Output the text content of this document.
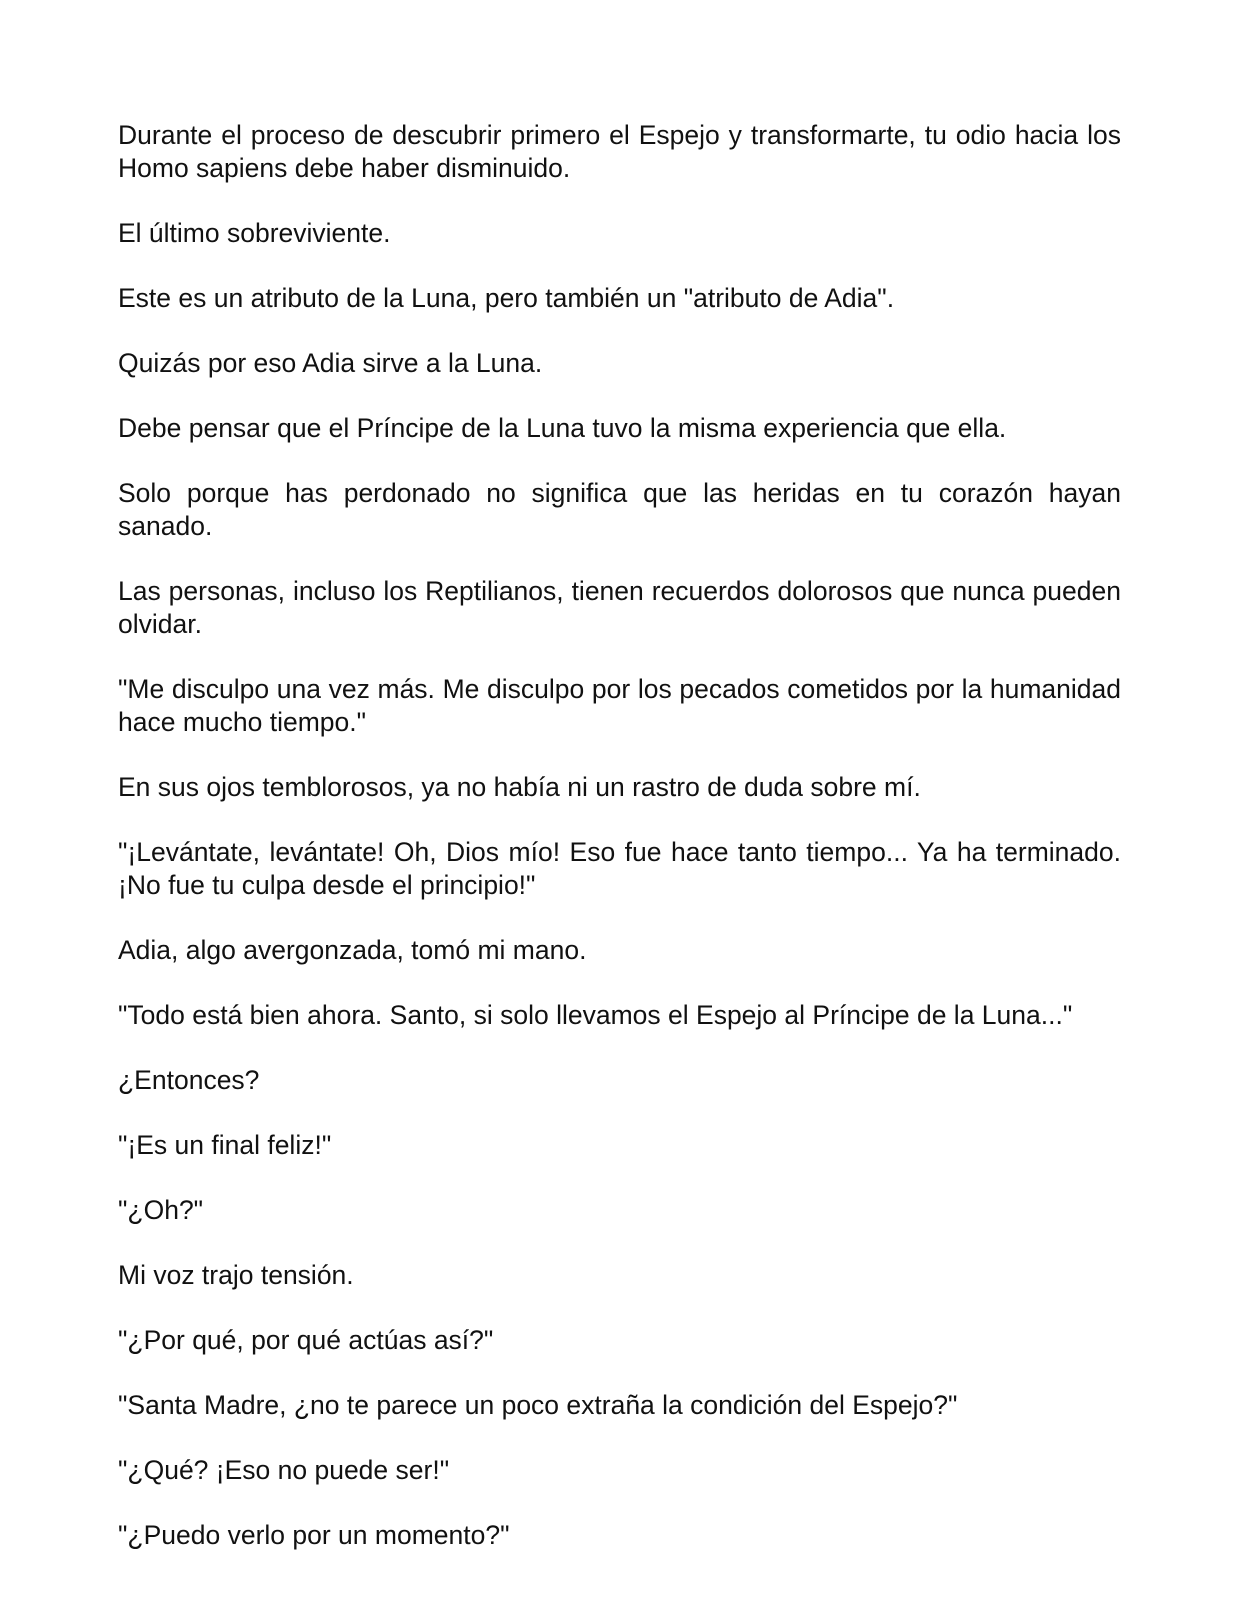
Durante el proceso de descubrir primero el Espejo y transformarte, tu odio hacia los Homo sapiens debe haber disminuido.

El último sobreviviente.

Este es un atributo de la Luna, pero también un "atributo de Adia".

Quizás por eso Adia sirve a la Luna.

Debe pensar que el Príncipe de la Luna tuvo la misma experiencia que ella.

Solo porque has perdonado no significa que las heridas en tu corazón hayan sanado.

Las personas, incluso los Reptilianos, tienen recuerdos dolorosos que nunca pueden olvidar.

"Me disculpo una vez más. Me disculpo por los pecados cometidos por la humanidad hace mucho tiempo."

En sus ojos temblorosos, ya no había ni un rastro de duda sobre mí.

"¡Levántate, levántate! Oh, Dios mío! Eso fue hace tanto tiempo... Ya ha terminado. ¡No fue tu culpa desde el principio!"

Adia, algo avergonzada, tomó mi mano.

"Todo está bien ahora. Santo, si solo llevamos el Espejo al Príncipe de la Luna..."

¿Entonces?

"¡Es un final feliz!"

"¿Oh?"

Mi voz trajo tensión.

"¿Por qué, por qué actúas así?"

"Santa Madre, ¿no te parece un poco extraña la condición del Espejo?"

"¿Qué? ¡Eso no puede ser!"

"¿Puedo verlo por un momento?"
